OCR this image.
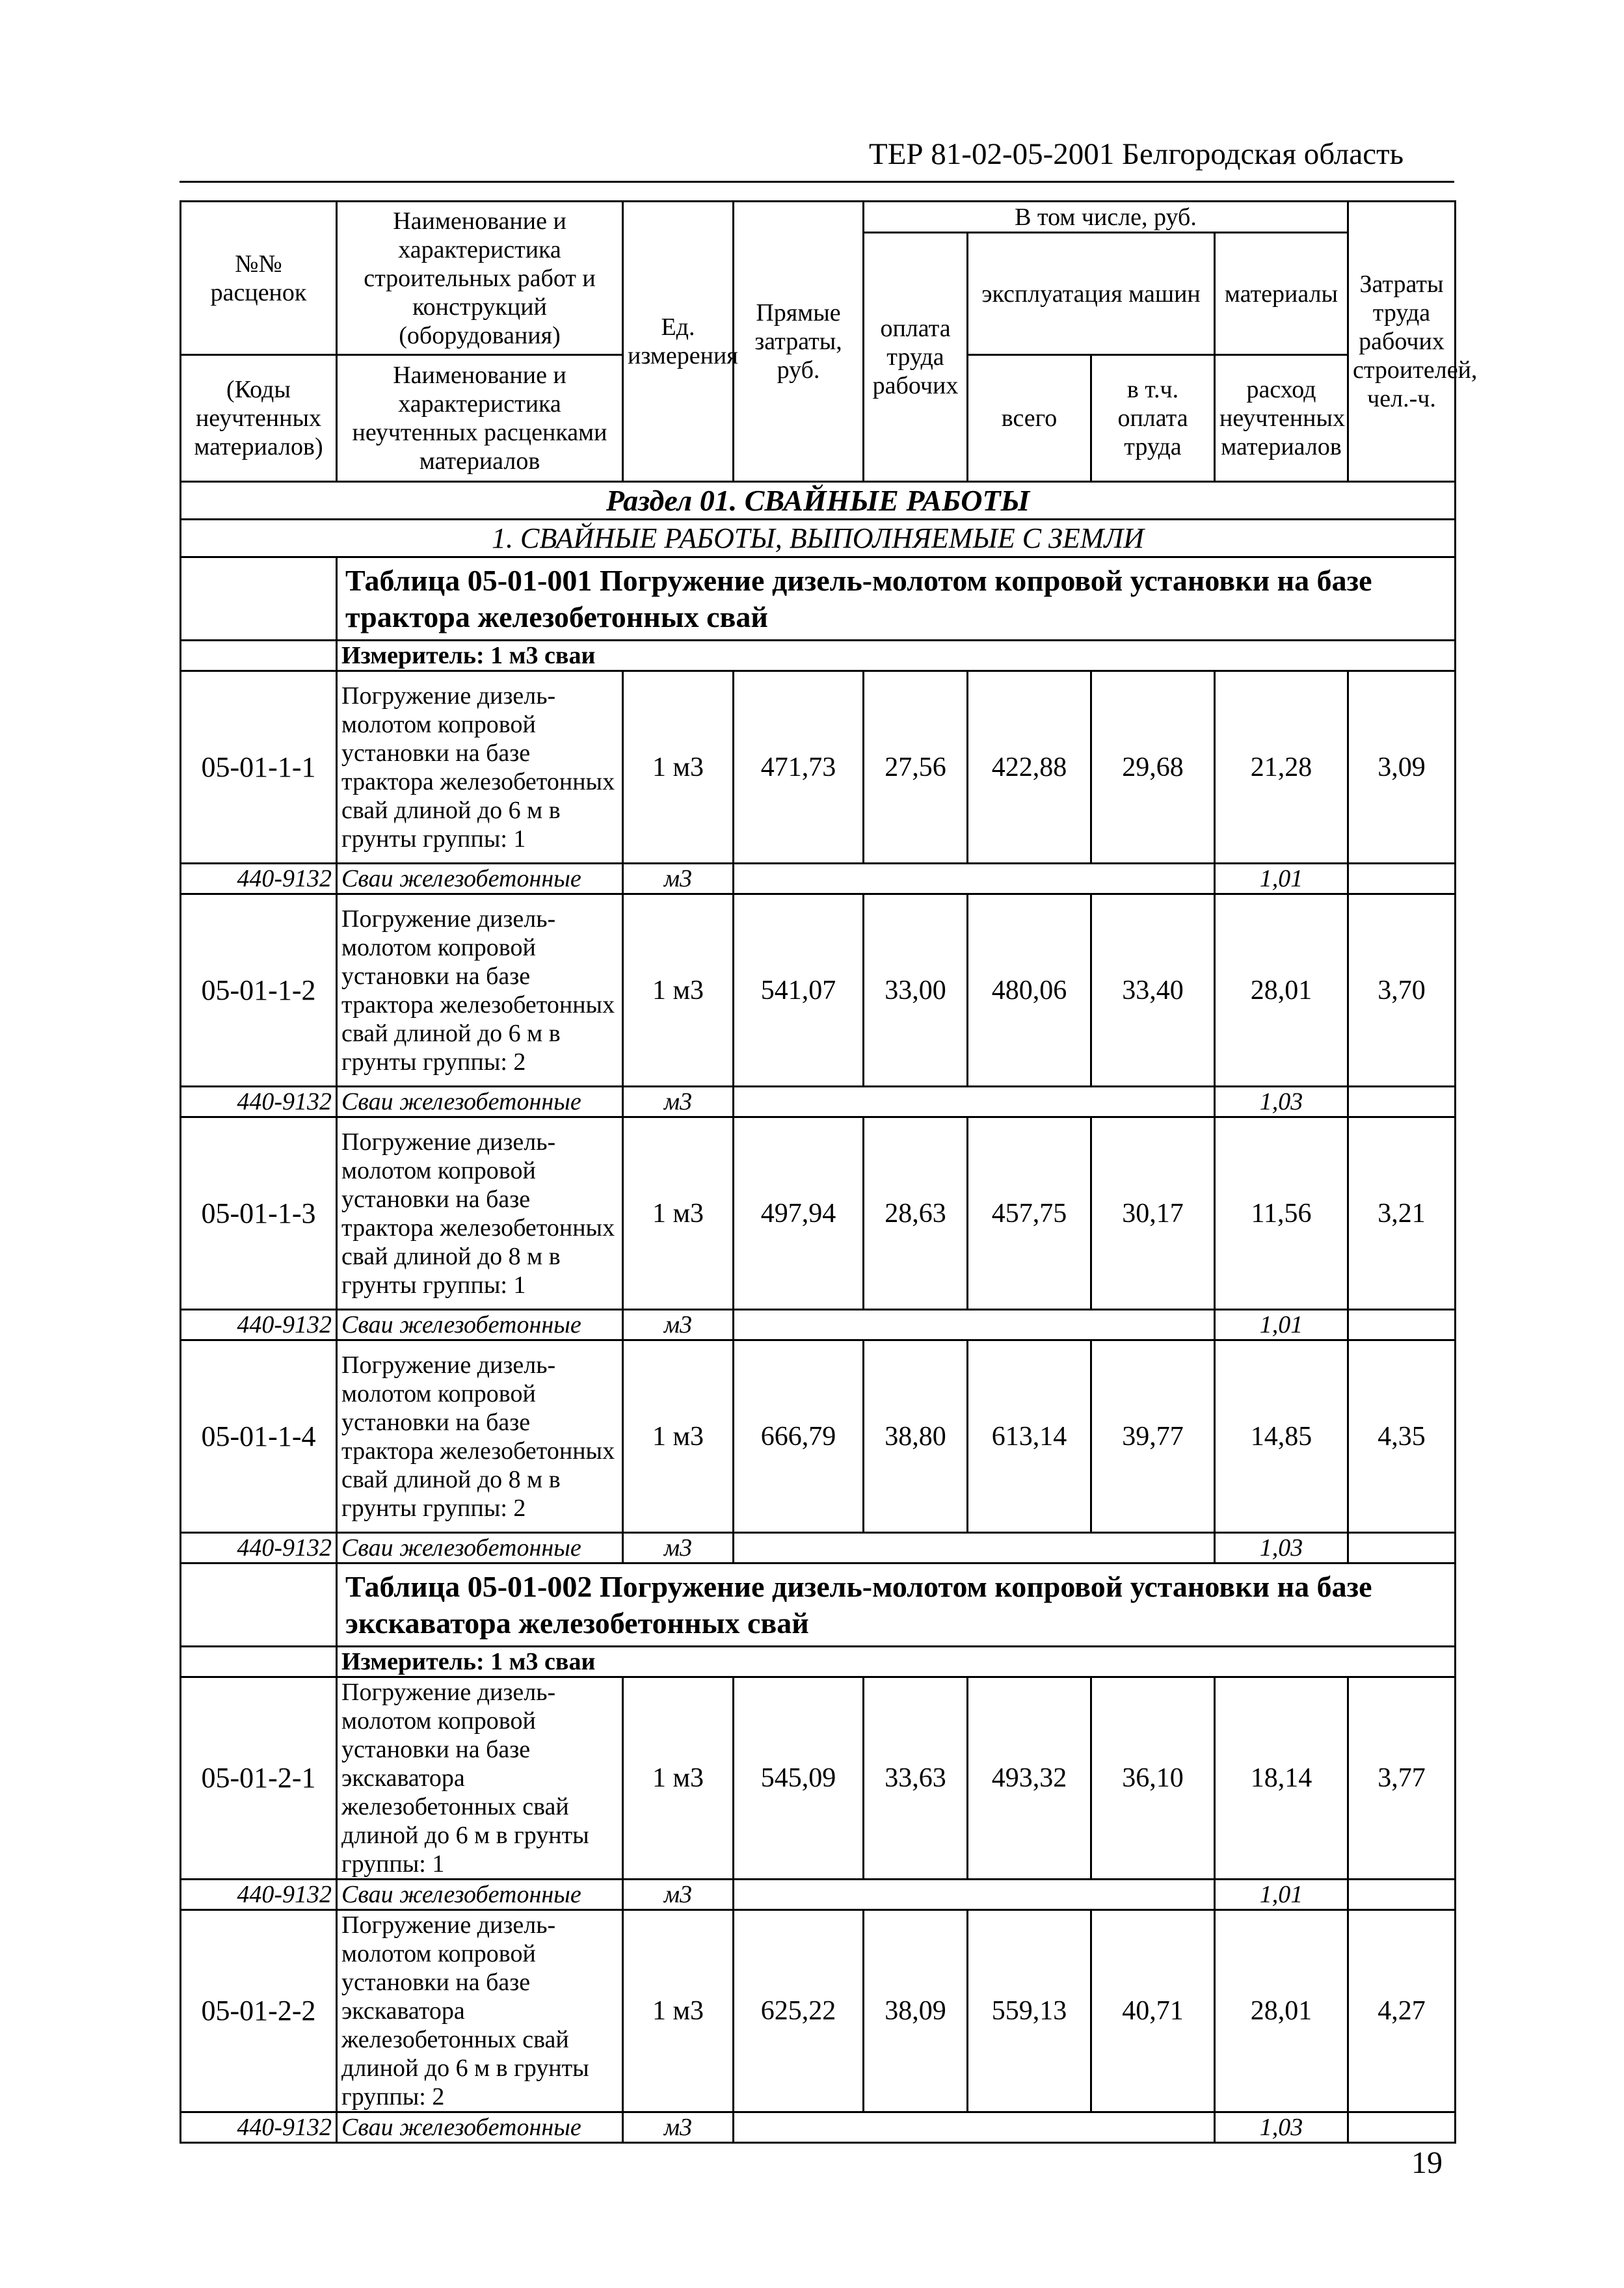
ТЕР 81-02-05-2001 Белгородская область
№№ расценок	Наименование и характеристика строительных работ и конструкций (оборудования)	Ед. измерения	Прямые затраты, руб.	В том числе, руб.				Затраты труда рабочих строителей, чел.-ч.
				оплата труда рабочих	эксплуатация машин		материалы	
(Коды неучтенных материалов)	Наименование и характеристика неучтенных расценками материалов				всего	в т.ч. оплата труда	расход неучтенных материалов	
Раздел 01. СВАЙНЫЕ РАБОТЫ								
1. СВАЙНЫЕ РАБОТЫ, ВЫПОЛНЯЕМЫЕ С ЗЕМЛИ								
	Таблица 05-01-001 Погружение дизель-молотом копровой установки на базе трактора железобетонных свай							
	Измеритель: 1 м3 сваи							
05-01-1-1	Погружение дизель-молотом копровой установки на базе трактора железобетонных свай длиной до 6 м в грунты группы: 1	1 м3	471,73	27,56	422,88	29,68	21,28	3,09
440-9132	Сваи железобетонные	м3					1,01	
05-01-1-2	Погружение дизель-молотом копровой установки на базе трактора железобетонных свай длиной до 6 м в грунты группы: 2	1 м3	541,07	33,00	480,06	33,40	28,01	3,70
440-9132	Сваи железобетонные	м3					1,03	
05-01-1-3	Погружение дизель-молотом копровой установки на базе трактора железобетонных свай длиной до 8 м в грунты группы: 1	1 м3	497,94	28,63	457,75	30,17	11,56	3,21
440-9132	Сваи железобетонные	м3					1,01	
05-01-1-4	Погружение дизель-молотом копровой установки на базе трактора железобетонных свай длиной до 8 м в грунты группы: 2	1 м3	666,79	38,80	613,14	39,77	14,85	4,35
440-9132	Сваи железобетонные	м3					1,03	
	Таблица 05-01-002 Погружение дизель-молотом копровой установки на базе экскаватора железобетонных свай							
	Измеритель: 1 м3 сваи							
05-01-2-1	Погружение дизель-молотом копровой установки на базе экскаватора железобетонных свай длиной до 6 м в грунты группы: 1	1 м3	545,09	33,63	493,32	36,10	18,14	3,77
440-9132	Сваи железобетонные	м3					1,01	
05-01-2-2	Погружение дизель-молотом копровой установки на базе экскаватора железобетонных свай длиной до 6 м в грунты группы: 2	1 м3	625,22	38,09	559,13	40,71	28,01	4,27
440-9132	Сваи железобетонные	м3					1,03	
19
